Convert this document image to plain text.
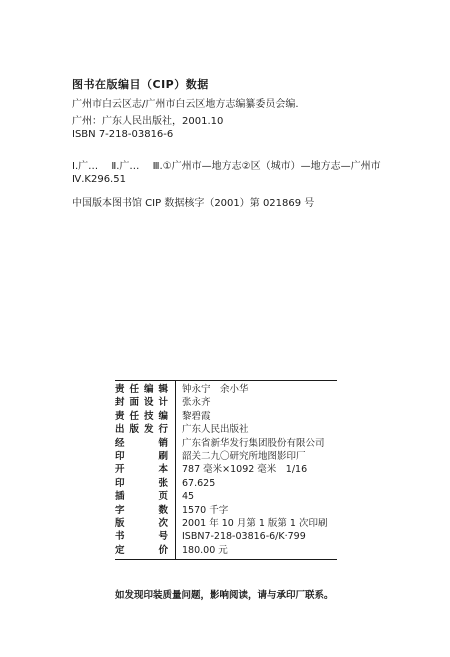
图书在版编目（CIP）数据
广州市白云区志/广州市白云区地方志编纂委员会编.
广州：广东人民出版社，2001.10
ISBN 7-218-03816-6
Ⅰ.广… Ⅱ.广… Ⅲ.①广州市—地方志②区（城市）—地方志—广州市
Ⅳ.K296.51
中国版本图书馆 CIP 数据核字（2001）第 021869 号
责任编辑	钟永宁　余小华
封面设计	张永齐
责任技编	黎碧霞
出版发行	广东人民出版社
经销	广东省新华发行集团股份有限公司
印刷	韶关二九〇研究所地图影印厂
开本	787 毫米×1092 毫米　1/16
印张	67.625
插页	45
字数	1570 千字
版次	2001 年 10 月第 1 版第 1 次印刷
书号	ISBN7-218-03816-6/K·799
定价	180.00 元
如发现印装质量问题，影响阅读，请与承印厂联系。
